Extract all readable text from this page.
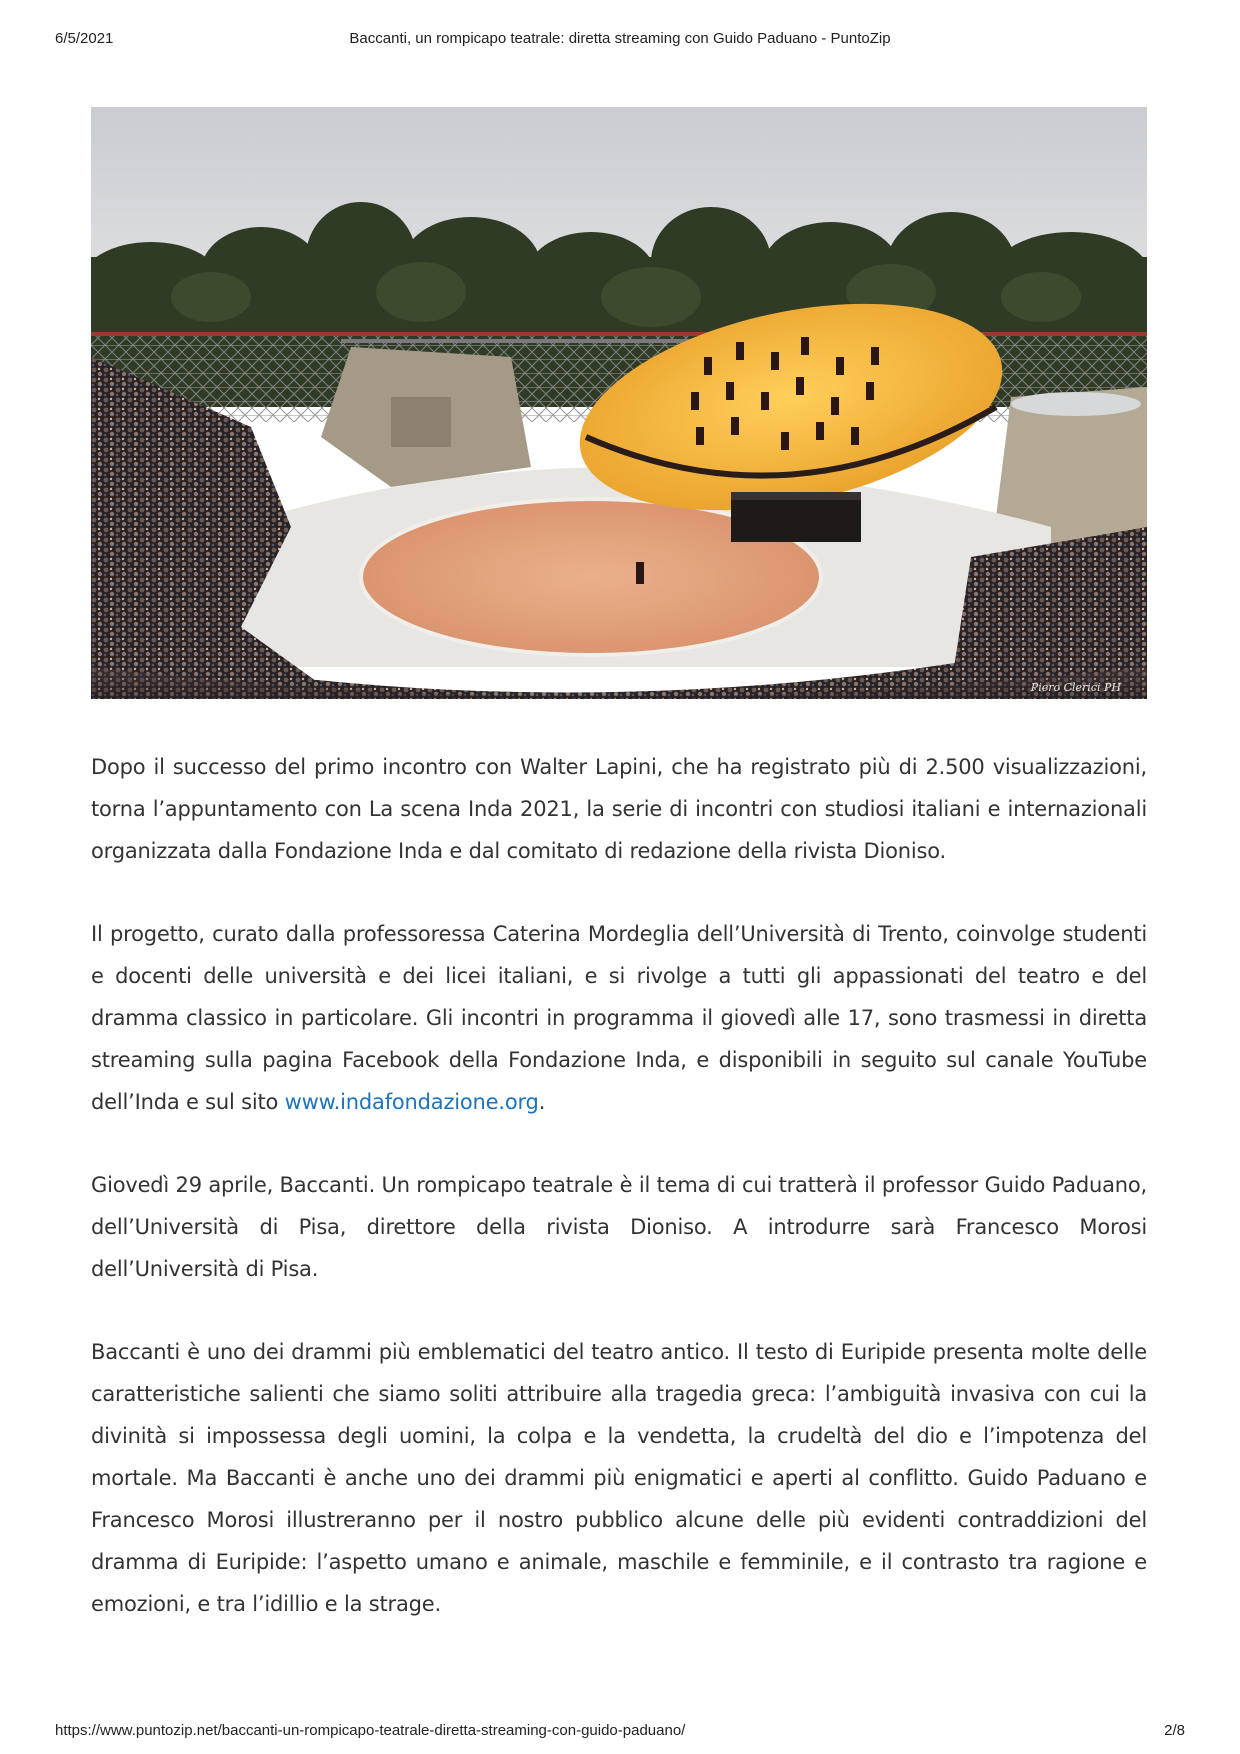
6/5/2021	Baccanti, un rompicapo teatrale: diretta streaming con Guido Paduano - PuntoZip
Piero Clerici PH

Dopo il successo del primo incontro con Walter Lapini, che ha registrato più di 2.500 visualizzazioni, torna l’appuntamento con La scena Inda 2021, la serie di incontri con studiosi italiani e internazionali organizzata dalla Fondazione Inda e dal comitato di redazione della rivista Dioniso.

Il progetto, curato dalla professoressa Caterina Mordeglia dell’Università di Trento, coinvolge studenti e docenti delle università e dei licei italiani, e si rivolge a tutti gli appassionati del teatro e del dramma classico in particolare. Gli incontri in programma il giovedì alle 17, sono trasmessi in diretta streaming sulla pagina Facebook della Fondazione Inda, e disponibili in seguito sul canale YouTube dell’Inda e sul sito www.indafondazione.org.

Giovedì 29 aprile, Baccanti. Un rompicapo teatrale è il tema di cui tratterà il professor Guido Paduano, dell’Università di Pisa, direttore della rivista Dioniso. A introdurre sarà Francesco Morosi dell’Università di Pisa.

Baccanti è uno dei drammi più emblematici del teatro antico. Il testo di Euripide presenta molte delle caratteristiche salienti che siamo soliti attribuire alla tragedia greca: l’ambiguità invasiva con cui la divinità si impossessa degli uomini, la colpa e la vendetta, la crudeltà del dio e l’impotenza del mortale. Ma Baccanti è anche uno dei drammi più enigmatici e aperti al conflitto. Guido Paduano e Francesco Morosi illustreranno per il nostro pubblico alcune delle più evidenti contraddizioni del dramma di Euripide: l’aspetto umano e animale, maschile e femminile, e il contrasto tra ragione e emozioni, e tra l’idillio e la strage.

https://www.puntozip.net/baccanti-un-rompicapo-teatrale-diretta-streaming-con-guido-paduano/	2/8
